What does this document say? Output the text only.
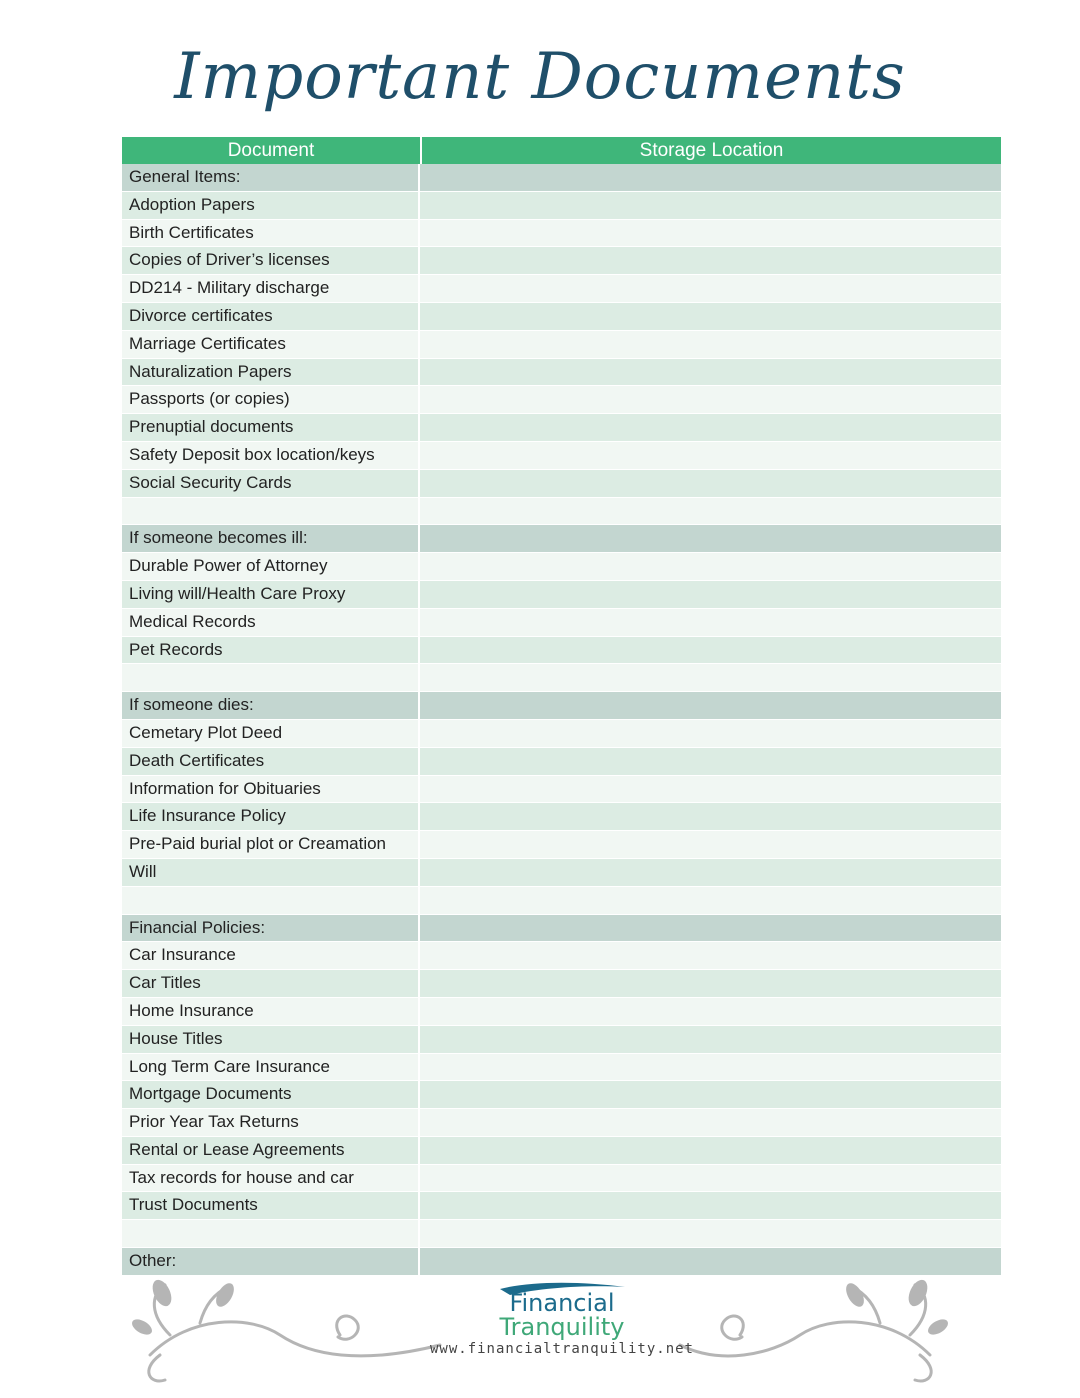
Important Documents
Document	Storage Location
General Items:
Adoption Papers
Birth Certificates
Copies of Driver’s licenses
DD214 - Military discharge
Divorce certificates
Marriage Certificates
Naturalization Papers
Passports (or copies)
Prenuptial documents
Safety Deposit box location/keys
Social Security Cards
If someone becomes ill:
Durable Power of Attorney
Living will/Health Care Proxy
Medical Records
Pet Records
If someone dies:
Cemetary Plot Deed
Death Certificates
Information for Obituaries
Life Insurance Policy
Pre-Paid burial plot or Creamation
Will
Financial Policies:
Car Insurance
Car Titles
Home Insurance
House Titles
Long Term Care Insurance
Mortgage Documents
Prior Year Tax Returns
Rental or Lease Agreements
Tax records for house and car
Trust Documents
Other:
Financial
Tranquility
www.financialtranquility.net
